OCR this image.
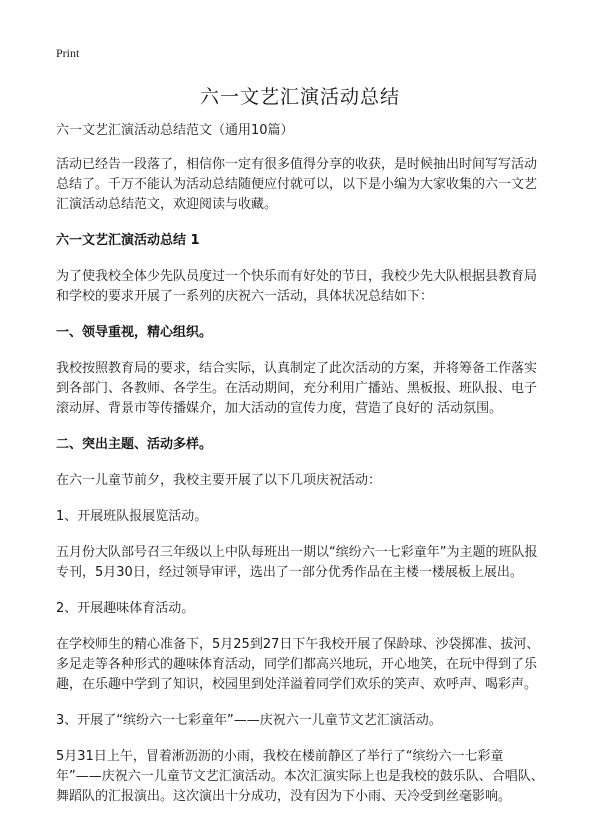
Print
六一文艺汇演活动总结
六一文艺汇演活动总结范文（通用10篇）
活动已经告一段落了，相信你一定有很多值得分享的收获，是时候抽出时间写写活动总结了。千万不能认为活动总结随便应付就可以，以下是小编为大家收集的六一文艺汇演活动总结范文，欢迎阅读与收藏。
六一文艺汇演活动总结 1
为了使我校全体少先队员度过一个快乐而有好处的节日，我校少先大队根据县教育局和学校的要求开展了一系列的庆祝六一活动，具体状况总结如下：
一、领导重视，精心组织。
我校按照教育局的要求，结合实际，认真制定了此次活动的方案，并将筹备工作落实到各部门、各教师、各学生。在活动期间，充分利用广播站、黑板报、班队报、电子滚动屏、背景市等传播媒介，加大活动的宣传力度，营造了良好的 活动氛围。
二、突出主题、活动多样。
在六一儿童节前夕，我校主要开展了以下几项庆祝活动：
1、开展班队报展览活动。
五月份大队部号召三年级以上中队每班出一期以“缤纷六一七彩童年”为主题的班队报专刊，5月30日，经过领导审评，选出了一部分优秀作品在主楼一楼展板上展出。
2、开展趣味体育活动。
在学校师生的精心准备下，5月25到27日下午我校开展了保龄球、沙袋掷准、拔河、多足走等各种形式的趣味体育活动，同学们都高兴地玩，开心地笑，在玩中得到了乐趣，在乐趣中学到了知识，校园里到处洋溢着同学们欢乐的笑声、欢呼声、喝彩声。
3、开展了“缤纷六一七彩童年”——庆祝六一儿童节文艺汇演活动。
5月31日上午，冒着淅沥沥的小雨，我校在楼前静区了举行了“缤纷六一七彩童年”——庆祝六一儿童节文艺汇演活动。本次汇演实际上也是我校的鼓乐队、合唱队、舞蹈队的汇报演出。这次演出十分成功，没有因为下小雨、天冷受到丝毫影响。
